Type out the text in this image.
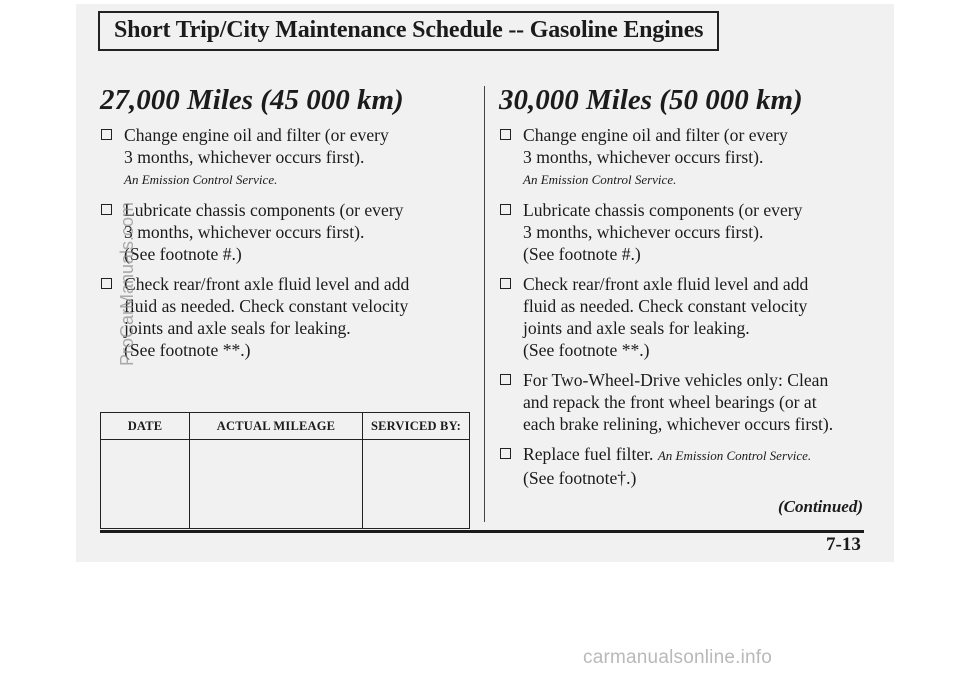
Short Trip/City Maintenance Schedule -- Gasoline Engines
27,000 Miles (45 000 km)	30,000 Miles (50 000 km)
Change engine oil and filter (or every
3 months, whichever occurs first).
An Emission Control Service.
Lubricate chassis components (or every
3 months, whichever occurs first).
(See footnote #.)
Check rear/front axle fluid level and add
fluid as needed. Check constant velocity
joints and axle seals for leaking.
(See footnote **.)
DATE	ACTUAL MILEAGE	SERVICED BY:

Change engine oil and filter (or every
3 months, whichever occurs first).
An Emission Control Service.
Lubricate chassis components (or every
3 months, whichever occurs first).
(See footnote #.)
Check rear/front axle fluid level and add
fluid as needed. Check constant velocity
joints and axle seals for leaking.
(See footnote **.)
For Two-Wheel-Drive vehicles only: Clean
and repack the front wheel bearings (or at
each brake relining, whichever occurs first).
Replace fuel filter. An Emission Control Service.
(See footnote†.)
(Continued)
7-13
ProCarManuals.com
carmanualsonline.info
